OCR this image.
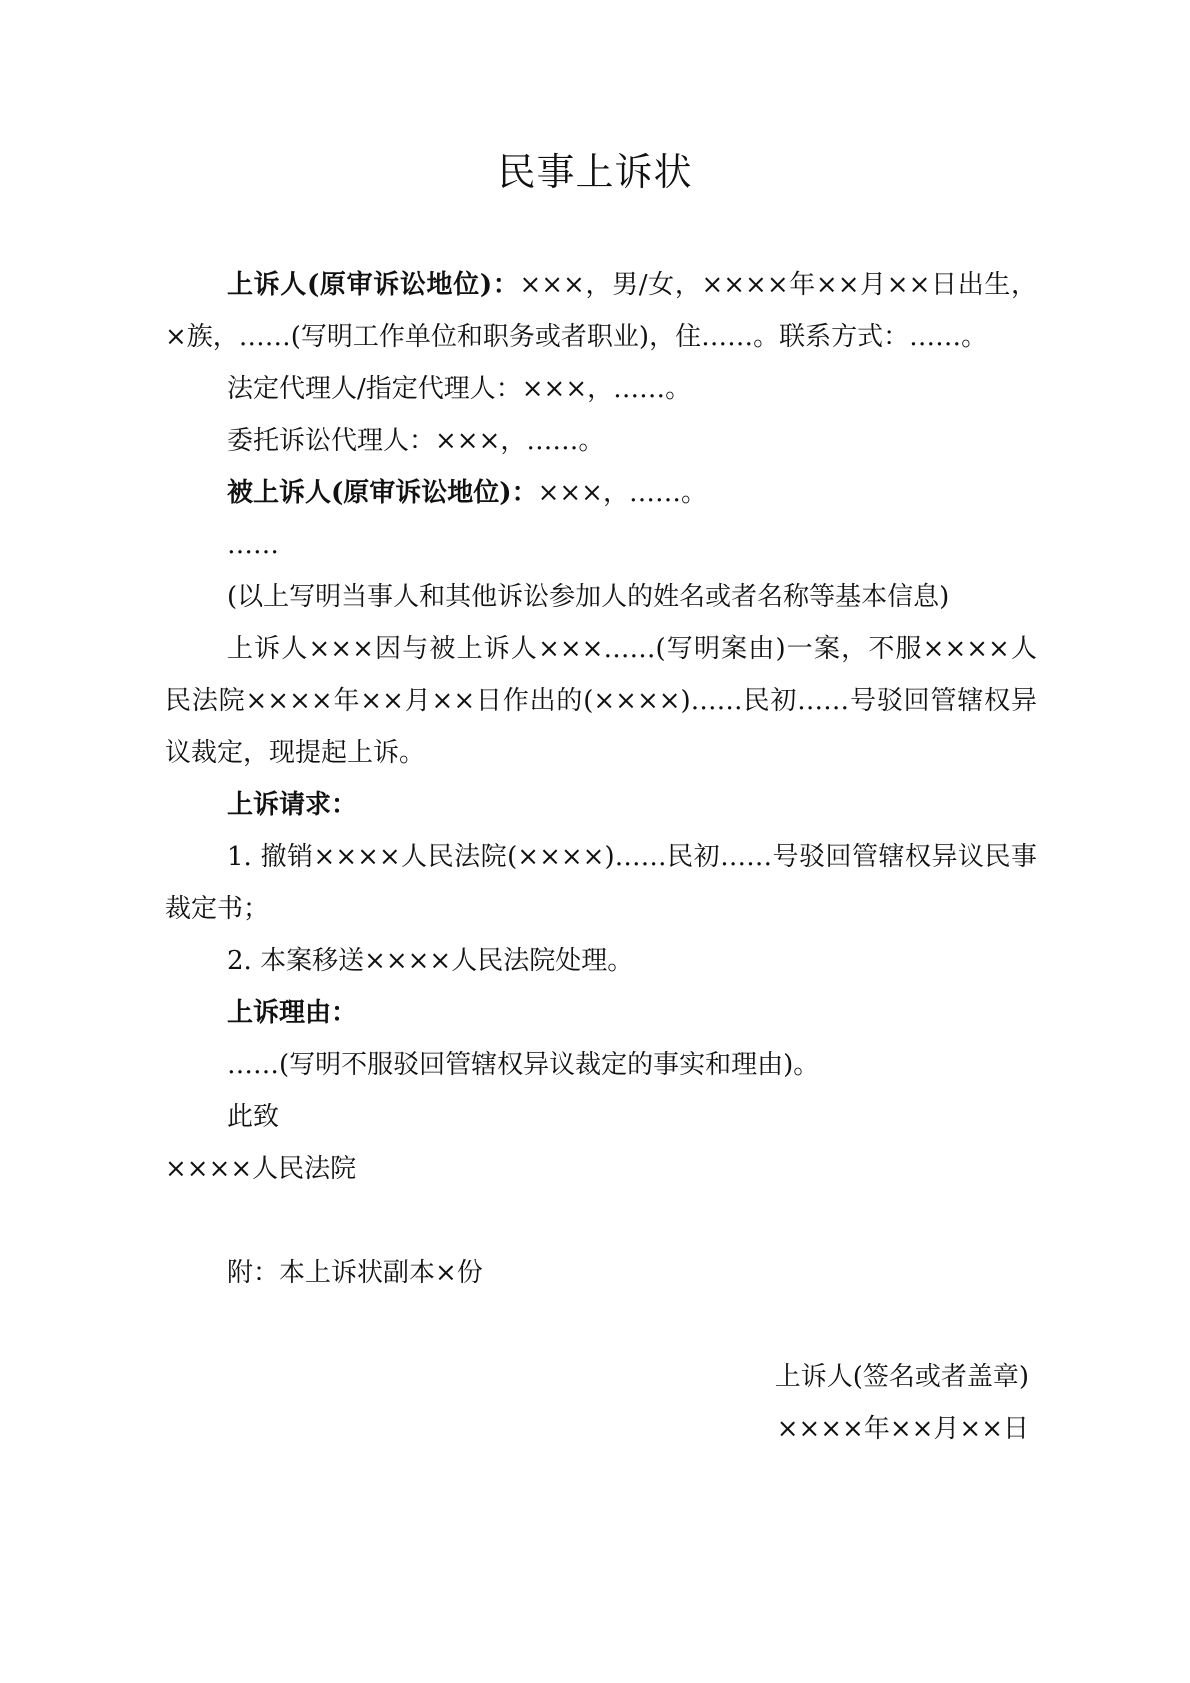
民事上诉状

上诉人(原审诉讼地位)：×××，男/女，××××年××月××日出生，×族，……(写明工作单位和职务或者职业)，住……。联系方式：……。

法定代理人/指定代理人：×××，……。

委托诉讼代理人：×××，……。

被上诉人(原审诉讼地位)：×××，……。

……

(以上写明当事人和其他诉讼参加人的姓名或者名称等基本信息)

上诉人×××因与被上诉人×××……(写明案由)一案，不服××××人民法院××××年××月××日作出的(××××)……民初……号驳回管辖权异议裁定，现提起上诉。

上诉请求：

1. 撤销××××人民法院(××××)……民初……号驳回管辖权异议民事裁定书；

2. 本案移送××××人民法院处理。

上诉理由：

……(写明不服驳回管辖权异议裁定的事实和理由)。

此致

××××人民法院

附：本上诉状副本×份

上诉人(签名或者盖章)

××××年××月××日
